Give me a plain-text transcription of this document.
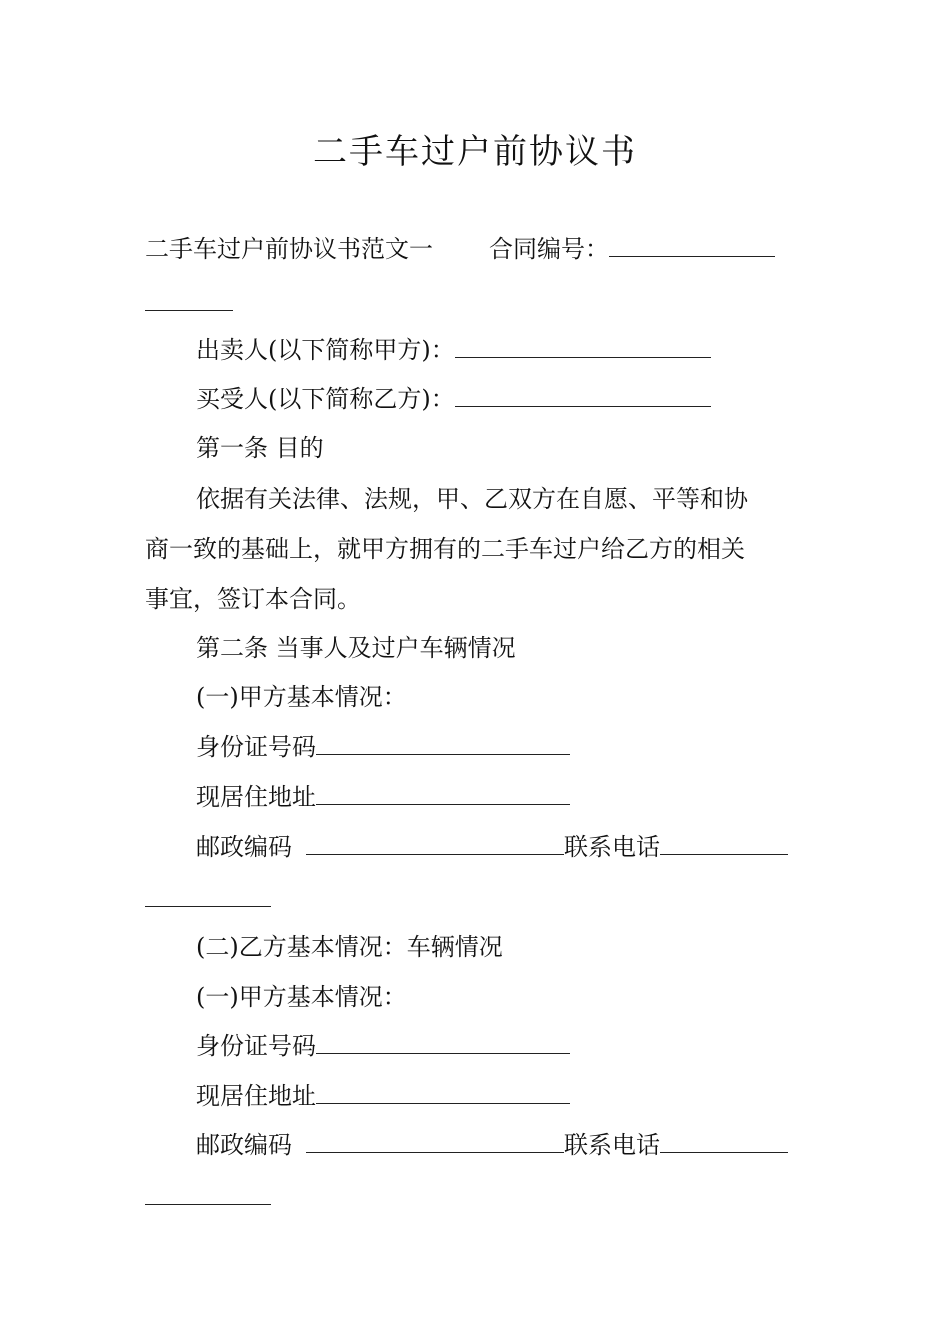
二手车过户前协议书
二手车过户前协议书范文一 合同编号：
出卖人(以下简称甲方)：
买受人(以下简称乙方)：
第一条 目的
依据有关法律、法规，甲、乙双方在自愿、平等和协
商一致的基础上，就甲方拥有的二手车过户给乙方的相关
事宜，签订本合同。
第二条 当事人及过户车辆情况
(一)甲方基本情况：
身份证号码
现居住地址
邮政编码	联系电话
(二)乙方基本情况：车辆情况
(一)甲方基本情况：
身份证号码
现居住地址
邮政编码	联系电话
